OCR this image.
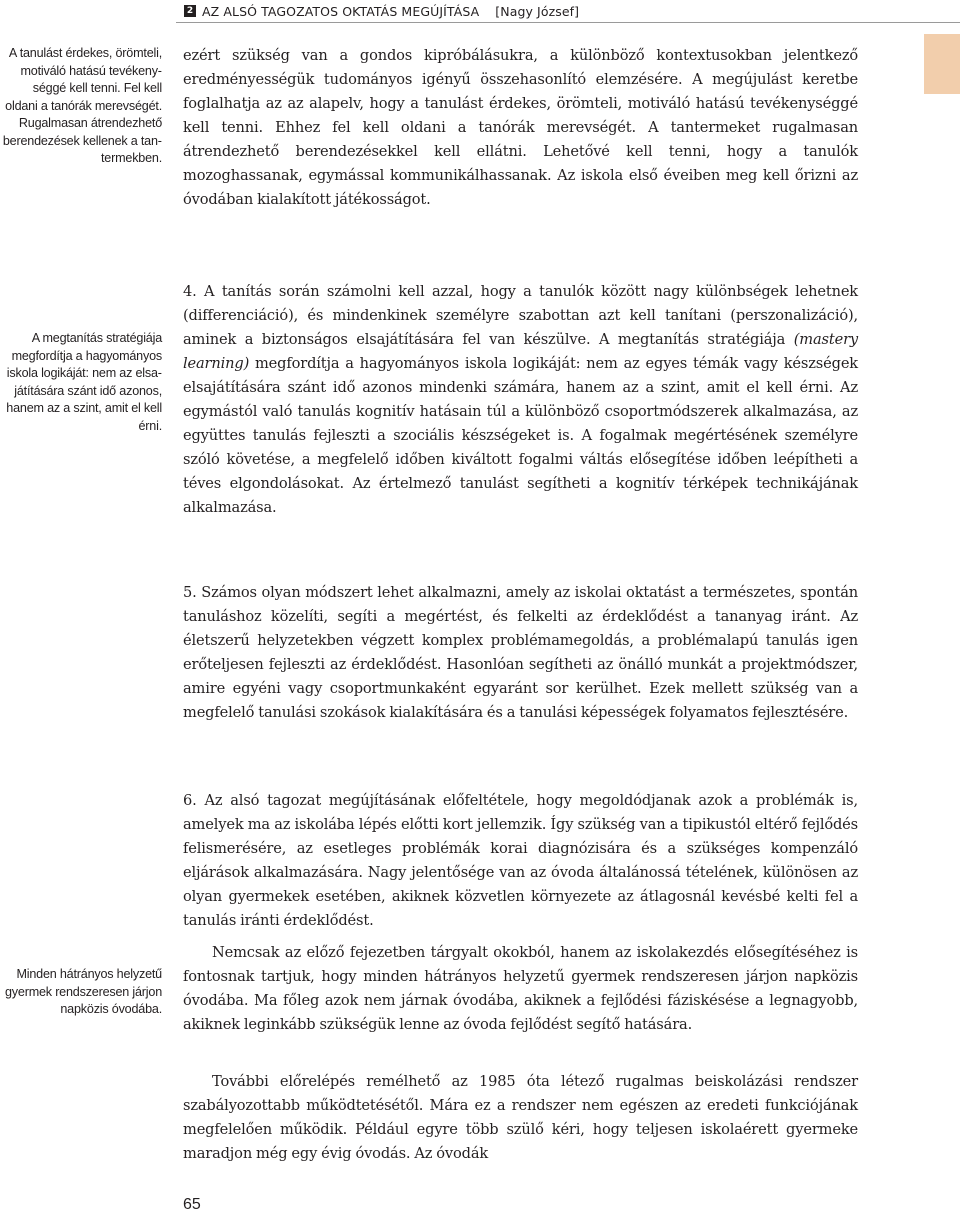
2 AZ ALSÓ TAGOZATOS OKTATÁS MEGÚJÍTÁSA [Nagy József]
A tanulást érdekes, örömteli, motiváló hatású tevékenységgé kell tenni. Fel kell oldani a tanórák merevségét. Rugalmasan átrendezhető berendezések kellenek a tantermekben.
A megtanítás stratégiája megfordítja a hagyományos iskola logikáját: nem az elsajátítására szánt idő azonos, hanem az a szint, amit el kell érni.
Minden hátrányos helyzetű gyermek rendszeresen járjon napközis óvodába.

ezért szükség van a gondos kipróbálásukra, a különböző kontextusokban jelentkező eredményességük tudományos igényű összehasonlító elemzésére. A megújulást keretbe foglalhatja az az alapelv, hogy a tanulást érdekes, örömteli, motiváló hatású tevékenységgé kell tenni. Ehhez fel kell oldani a tanórák merevségét. A tantermeket rugalmasan átrendezhető berendezésekkel kell ellátni. Lehetővé kell tenni, hogy a tanulók mozoghassanak, egymással kommunikálhassanak. Az iskola első éveiben meg kell őrizni az óvodában kialakított játékosságot.

4. A tanítás során számolni kell azzal, hogy a tanulók között nagy különbségek lehetnek (differenciáció), és mindenkinek személyre szabottan azt kell tanítani (perszonalizáció), aminek a biztonságos elsajátítására fel van készülve. A megtanítás stratégiája (mastery learning) megfordítja a hagyományos iskola logikáját: nem az egyes témák vagy készségek elsajátítására szánt idő azonos mindenki számára, hanem az a szint, amit el kell érni. Az egymástól való tanulás kognitív hatásain túl a különböző csoportmódszerek alkalmazása, az együttes tanulás fejleszti a szociális készségeket is. A fogalmak megértésének személyre szóló követése, a megfelelő időben kiváltott fogalmi váltás elősegítése időben leépítheti a téves elgondolásokat. Az értelmező tanulást segítheti a kognitív térképek technikájának alkalmazása.

5. Számos olyan módszert lehet alkalmazni, amely az iskolai oktatást a természetes, spontán tanuláshoz közelíti, segíti a megértést, és felkelti az érdeklődést a tananyag iránt. Az életszerű helyzetekben végzett komplex problémamegoldás, a problémalapú tanulás igen erőteljesen fejleszti az érdeklődést. Hasonlóan segítheti az önálló munkát a projektmódszer, amire egyéni vagy csoportmunkaként egyaránt sor kerülhet. Ezek mellett szükség van a megfelelő tanulási szokások kialakítására és a tanulási képességek folyamatos fejlesztésére.

6. Az alsó tagozat megújításának előfeltétele, hogy megoldódjanak azok a problémák is, amelyek ma az iskolába lépés előtti kort jellemzik. Így szükség van a tipikustól eltérő fejlődés felismerésére, az esetleges problémák korai diagnózisára és a szükséges kompenzáló eljárások alkalmazására. Nagy jelentősége van az óvoda általánossá tételének, különösen az olyan gyermekek esetében, akiknek közvetlen környezete az átlagosnál kevésbé kelti fel a tanulás iránti érdeklődést.

Nemcsak az előző fejezetben tárgyalt okokból, hanem az iskolakezdés elősegítéséhez is fontosnak tartjuk, hogy minden hátrányos helyzetű gyermek rendszeresen járjon napközis óvodába. Ma főleg azok nem járnak óvodába, akiknek a fejlődési fáziskésése a legnagyobb, akiknek leginkább szükségük lenne az óvoda fejlődést segítő hatására.

További előrelépés remélhető az 1985 óta létező rugalmas beiskolázási rendszer szabályozottabb működtetésétől. Mára ez a rendszer nem egészen az eredeti funkciójának megfelelően működik. Például egyre több szülő kéri, hogy teljesen iskolaérett gyermeke maradjon még egy évig óvodás. Az óvodák

65
